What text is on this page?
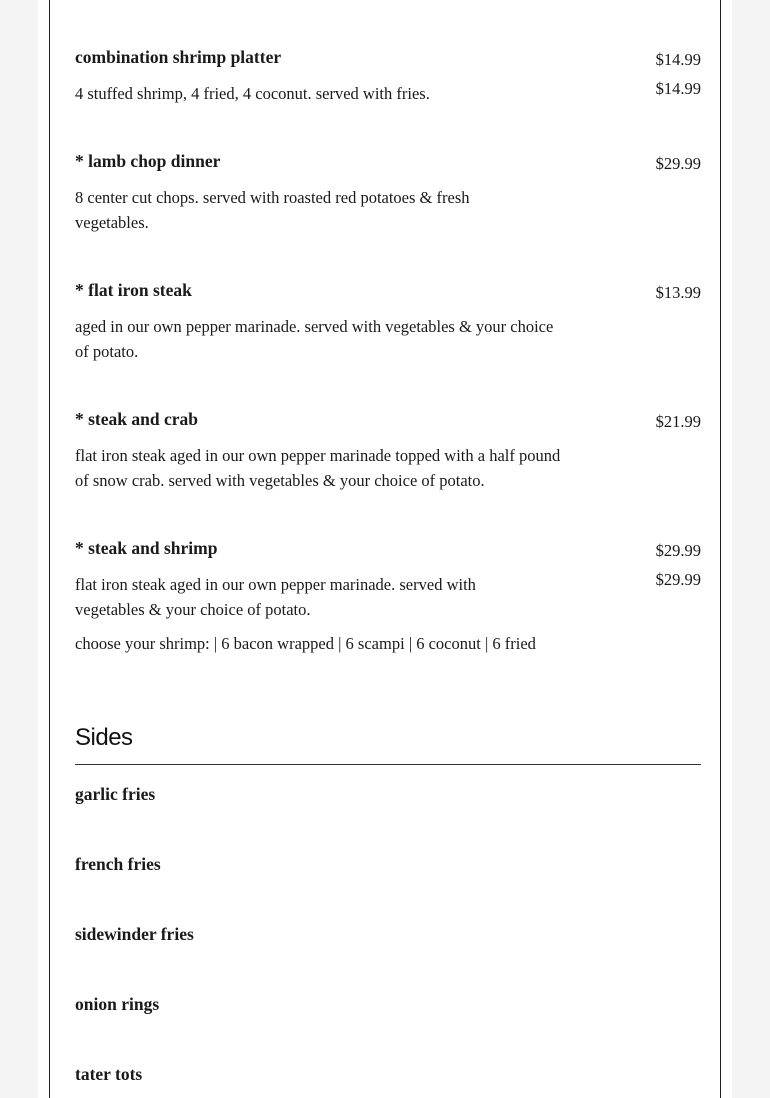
combination shrimp platter
4 stuffed shrimp, 4 fried, 4 coconut. served with fries.
$14.99
$14.99
* lamb chop dinner
8 center cut chops. served with roasted red potatoes & fresh vegetables.
$29.99
* flat iron steak
aged in our own pepper marinade. served with vegetables & your choice of potato.
$13.99
* steak and crab
flat iron steak aged in our own pepper marinade topped with a half pound of snow crab. served with vegetables & your choice of potato.
$21.99
* steak and shrimp
flat iron steak aged in our own pepper marinade. served with vegetables & your choice of potato.
choose your shrimp: | 6 bacon wrapped | 6 scampi | 6 coconut | 6 fried
$29.99
$29.99
Sides
garlic fries
french fries
sidewinder fries
onion rings
tater tots
